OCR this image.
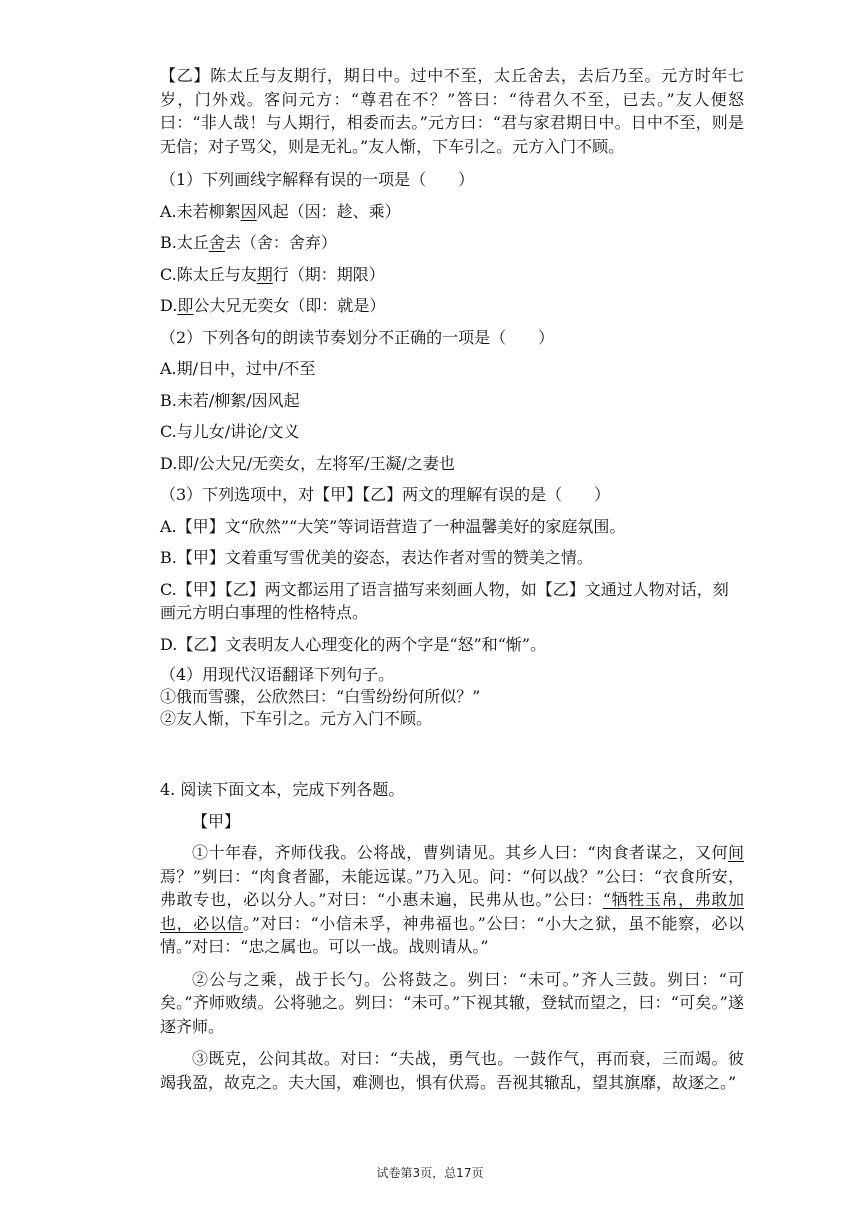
【乙】陈太丘与友期行，期日中。过中不至，太丘舍去，去后乃至。元方时年七岁，门外戏。客问元方：“尊君在不？”答曰：“待君久不至，已去。”友人便怒曰：“非人哉！与人期行，相委而去。”元方曰：“君与家君期日中。日中不至，则是无信；对子骂父，则是无礼。”友人惭，下车引之。元方入门不顾。

（1）下列画线字解释有误的一项是（　　）

A.未若柳絮因风起（因：趁、乘）

B.太丘舍去（舍：舍弃）

C.陈太丘与友期行（期：期限）

D.即公大兄无奕女（即：就是）

（2）下列各句的朗读节奏划分不正确的一项是（　　）

A.期/日中，过中/不至

B.未若/柳絮/因风起

C.与儿女/讲论/文义

D.即/公大兄/无奕女，左将军/王凝/之妻也

（3）下列选项中，对【甲】【乙】两文的理解有误的是（　　）

A.【甲】文“欣然”“大笑”等词语营造了一种温馨美好的家庭氛围。

B.【甲】文着重写雪优美的姿态，表达作者对雪的赞美之情。

C.【甲】【乙】两文都运用了语言描写来刻画人物，如【乙】文通过人物对话，刻画元方明白事理的性格特点。

D.【乙】文表明友人心理变化的两个字是“怒”和“惭”。

（4）用现代汉语翻译下列句子。

①俄而雪骤，公欣然曰：“白雪纷纷何所似？”

②友人惭，下车引之。元方入门不顾。

4. 阅读下面文本，完成下列各题。

【甲】

①十年春，齐师伐我。公将战，曹刿请见。其乡人曰：“肉食者谋之，又何间焉？”刿曰：“肉食者鄙，未能远谋。”乃入见。问：“何以战？”公曰：“衣食所安，弗敢专也，必以分人。”对曰：“小惠未遍，民弗从也。”公曰：“牺牲玉帛，弗敢加也，必以信。”对曰：“小信未孚，神弗福也。”公曰：“小大之狱，虽不能察，必以情。”对曰：“忠之属也。可以一战。战则请从。”

②公与之乘，战于长勺。公将鼓之。刿曰：“未可。”齐人三鼓。刿曰：“可矣。”齐师败绩。公将驰之。刿曰：“未可。”下视其辙，登轼而望之，曰：“可矣。”遂逐齐师。

③既克，公问其故。对曰：“夫战，勇气也。一鼓作气，再而衰，三而竭。彼竭我盈，故克之。夫大国，难测也，惧有伏焉。吾视其辙乱，望其旗靡，故逐之。”

试卷第3页，总17页
